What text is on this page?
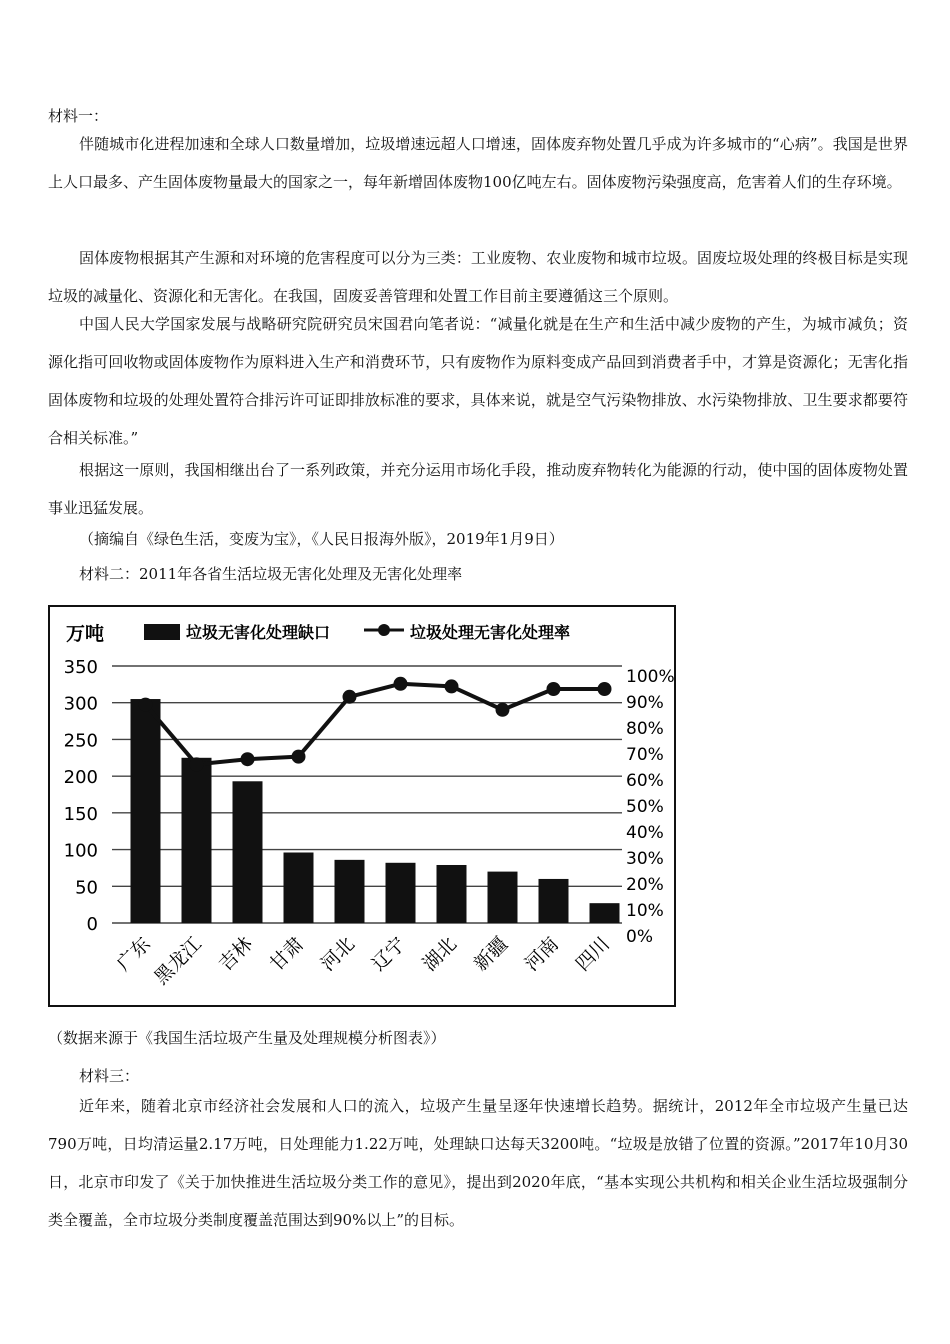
材料一：

伴随城市化进程加速和全球人口数量增加，垃圾增速远超人口增速，固体废弃物处置几乎成为许多城市的“心病”。我国是世界上人口最多、产生固体废物量最大的国家之一，每年新增固体废物100亿吨左右。固体废物污染强度高，危害着人们的生存环境。

固体废物根据其产生源和对环境的危害程度可以分为三类：工业废物、农业废物和城市垃圾。固废垃圾处理的终极目标是实现垃圾的减量化、资源化和无害化。在我国，固废妥善管理和处置工作目前主要遵循这三个原则。

中国人民大学国家发展与战略研究院研究员宋国君向笔者说：“减量化就是在生产和生活中减少废物的产生，为城市减负；资源化指可回收物或固体废物作为原料进入生产和消费环节，只有废物作为原料变成产品回到消费者手中，才算是资源化；无害化指固体废物和垃圾的处理处置符合排污许可证即排放标准的要求，具体来说，就是空气污染物排放、水污染物排放、卫生要求都要符合相关标准。”

根据这一原则，我国相继出台了一系列政策，并充分运用市场化手段，推动废弃物转化为能源的行动，使中国的固体废物处置事业迅猛发展。

（摘编自《绿色生活，变废为宝》，《人民日报海外版》，2019年1月9日）

材料二：2011年各省生活垃圾无害化处理及无害化处理率

0
50
100
150
200
250
300
350
0%
10%
20%
30%
40%
50%
60%
70%
80%
90%
100%
广东
黑龙江 吉林 甘肃 河北 辽宁 湖北 新疆 河南 四川
万吨	垃圾无害化处理缺口	垃圾处理无害化处理率

（数据来源于《我国生活垃圾产生量及处理规模分析图表》）

材料三：

近年来，随着北京市经济社会发展和人口的流入，垃圾产生量呈逐年快速增长趋势。据统计，2012年全市垃圾产生量已达790万吨，日均清运量2.17万吨，日处理能力1.22万吨，处理缺口达每天3200吨。“垃圾是放错了位置的资源。”2017年10月30日，北京市印发了《关于加快推进生活垃圾分类工作的意见》，提出到2020年底，“基本实现公共机构和相关企业生活垃圾强制分类全覆盖，全市垃圾分类制度覆盖范围达到90%以上”的目标。
